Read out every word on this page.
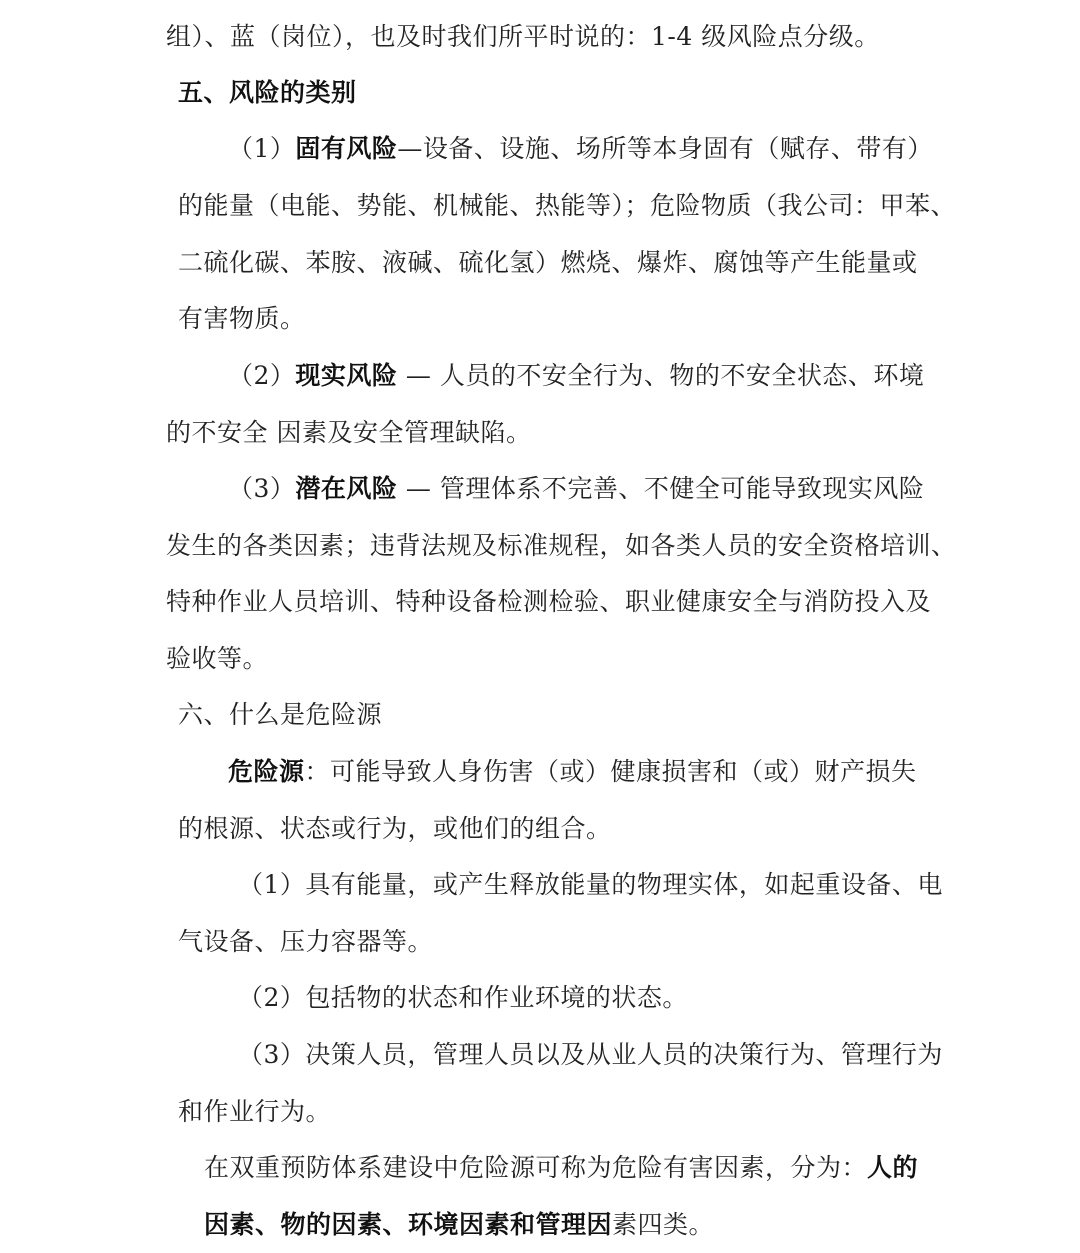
组）、蓝（岗位），也及时我们所平时说的：1-4 级风险点分级。
五、风险的类别
（1）固有风险—设备、设施、场所等本身固有（赋存、带有）
的能量（电能、势能、机械能、热能等）；危险物质（我公司：甲苯、
二硫化碳、苯胺、液碱、硫化氢）燃烧、爆炸、腐蚀等产生能量或
有害物质。
（2）现实风险 — 人员的不安全行为、物的不安全状态、环境
的不安全 因素及安全管理缺陷。
（3）潜在风险 — 管理体系不完善、不健全可能导致现实风险
发生的各类因素；违背法规及标准规程，如各类人员的安全资格培训、
特种作业人员培训、特种设备检测检验、职业健康安全与消防投入及
验收等。
六、什么是危险源
危险源：可能导致人身伤害（或）健康损害和（或）财产损失
的根源、状态或行为，或他们的组合。
（1）具有能量，或产生释放能量的物理实体，如起重设备、电
气设备、压力容器等。
（2）包括物的状态和作业环境的状态。
（3）决策人员，管理人员以及从业人员的决策行为、管理行为
和作业行为。
在双重预防体系建设中危险源可称为危险有害因素，分为：人的
因素、物的因素、环境因素和管理因素四类。
